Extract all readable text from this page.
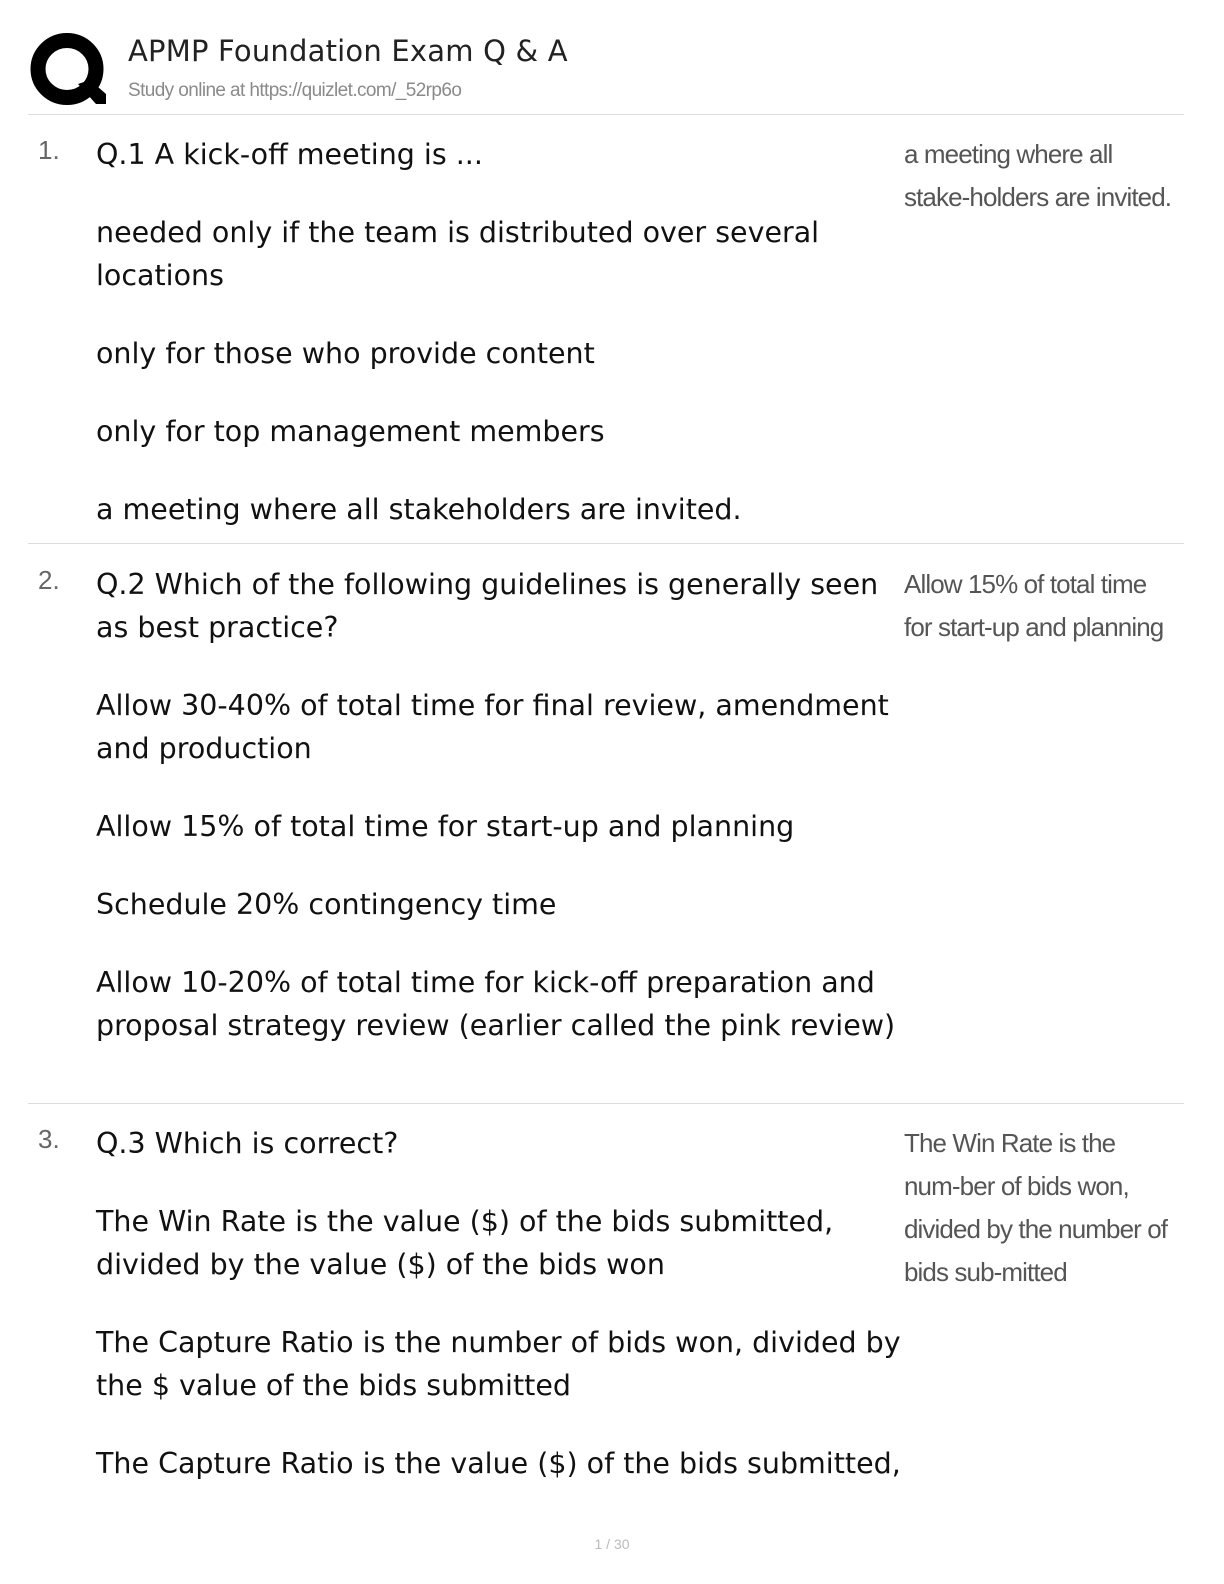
APMP Foundation Exam Q & A
Study online at https://quizlet.com/_52rp6o
1. Q.1 A kick-off meeting is ...

needed only if the team is distributed over several locations

only for those who provide content

only for top management members

a meeting where all stakeholders are invited.

a meeting where all stake-holders are invited.
2. Q.2 Which of the following guidelines is generally seen as best practice?

Allow 30-40% of total time for final review, amendment and production

Allow 15% of total time for start-up and planning

Schedule 20% contingency time

Allow 10-20% of total time for kick-off preparation and proposal strategy review (earlier called the pink review)

Allow 15% of total time for start-up and planning
3. Q.3 Which is correct?

The Win Rate is the value ($) of the bids submitted, divided by the value ($) of the bids won

The Capture Ratio is the number of bids won, divided by the $ value of the bids submitted

The Capture Ratio is the value ($) of the bids submitted,

The Win Rate is the num-ber of bids won, divided by the number of bids sub-mitted
1 / 30
